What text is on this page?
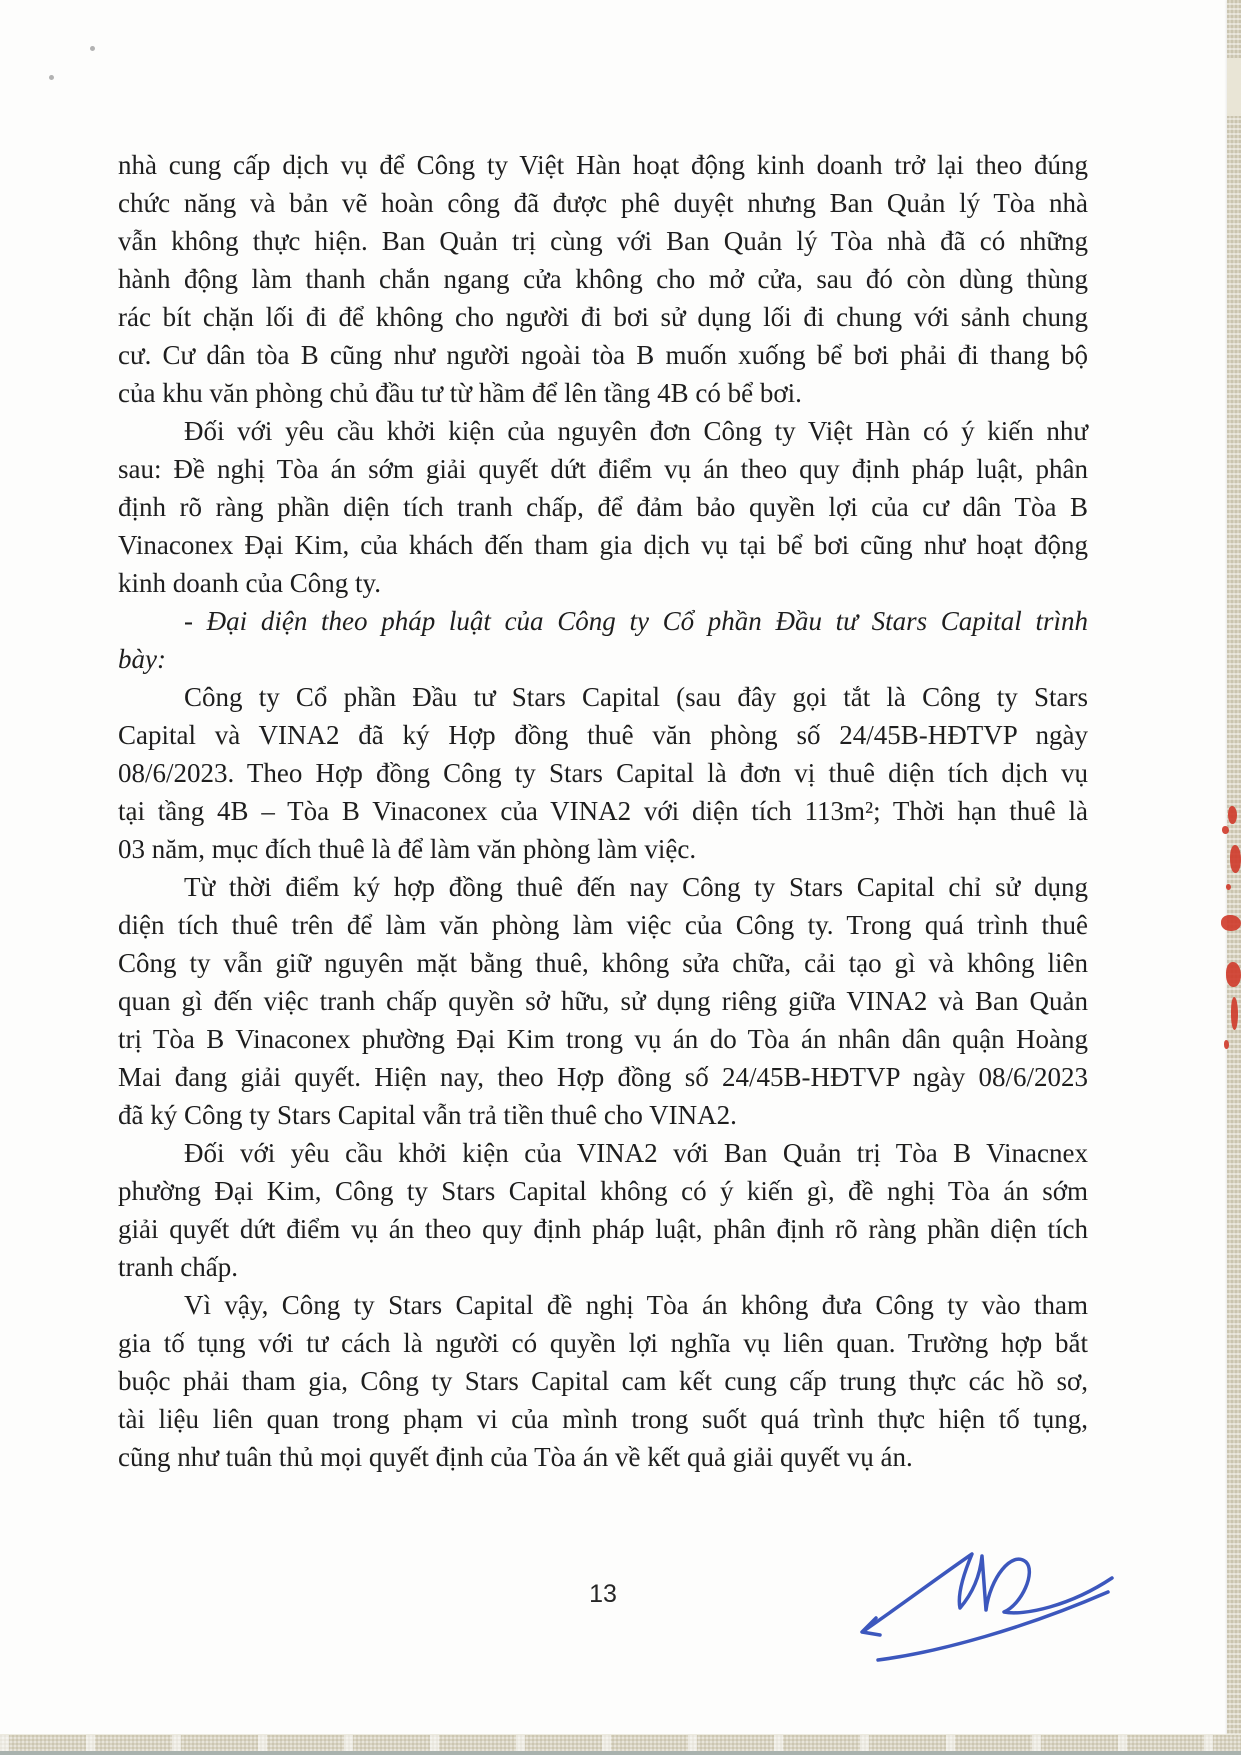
nhà cung cấp dịch vụ để Công ty Việt Hàn hoạt động kinh doanh trở lại theo đúng
chức năng và bản vẽ hoàn công đã được phê duyệt nhưng Ban Quản lý Tòa nhà
vẫn không thực hiện. Ban Quản trị cùng với Ban Quản lý Tòa nhà đã có những
hành động làm thanh chắn ngang cửa không cho mở cửa, sau đó còn dùng thùng
rác bít chặn lối đi để không cho người đi bơi sử dụng lối đi chung với sảnh chung
cư. Cư dân tòa B cũng như người ngoài tòa B muốn xuống bể bơi phải đi thang bộ
của khu văn phòng chủ đầu tư từ hầm để lên tầng 4B có bể bơi.
Đối với yêu cầu khởi kiện của nguyên đơn Công ty Việt Hàn có ý kiến như
sau: Đề nghị Tòa án sớm giải quyết dứt điểm vụ án theo quy định pháp luật, phân
định rõ ràng phần diện tích tranh chấp, để đảm bảo quyền lợi của cư dân Tòa B
Vinaconex Đại Kim, của khách đến tham gia dịch vụ tại bể bơi cũng như hoạt động
kinh doanh của Công ty.
- Đại diện theo pháp luật của Công ty Cổ phần Đầu tư Stars Capital trình
bày:
Công ty Cổ phần Đầu tư Stars Capital (sau đây gọi tắt là Công ty Stars
Capital và VINA2 đã ký Hợp đồng thuê văn phòng số 24/45B-HĐTVP ngày
08/6/2023. Theo Hợp đồng Công ty Stars Capital là đơn vị thuê diện tích dịch vụ
tại tầng 4B – Tòa B Vinaconex của VINA2 với diện tích 113m²; Thời hạn thuê là
03 năm, mục đích thuê là để làm văn phòng làm việc.
Từ thời điểm ký hợp đồng thuê đến nay Công ty Stars Capital chỉ sử dụng
diện tích thuê trên để làm văn phòng làm việc của Công ty. Trong quá trình thuê
Công ty vẫn giữ nguyên mặt bằng thuê, không sửa chữa, cải tạo gì và không liên
quan gì đến việc tranh chấp quyền sở hữu, sử dụng riêng giữa VINA2 và Ban Quản
trị Tòa B Vinaconex phường Đại Kim trong vụ án do Tòa án nhân dân quận Hoàng
Mai đang giải quyết. Hiện nay, theo Hợp đồng số 24/45B-HĐTVP ngày 08/6/2023
đã ký Công ty Stars Capital vẫn trả tiền thuê cho VINA2.
Đối với yêu cầu khởi kiện của VINA2 với Ban Quản trị Tòa B Vinacnex
phường Đại Kim, Công ty Stars Capital không có ý kiến gì, đề nghị Tòa án sớm
giải quyết dứt điểm vụ án theo quy định pháp luật, phân định rõ ràng phần diện tích
tranh chấp.
Vì vậy, Công ty Stars Capital đề nghị Tòa án không đưa Công ty vào tham
gia tố tụng với tư cách là người có quyền lợi nghĩa vụ liên quan. Trường hợp bắt
buộc phải tham gia, Công ty Stars Capital cam kết cung cấp trung thực các hồ sơ,
tài liệu liên quan trong phạm vi của mình trong suốt quá trình thực hiện tố tụng,
cũng như tuân thủ mọi quyết định của Tòa án về kết quả giải quyết vụ án.
13
